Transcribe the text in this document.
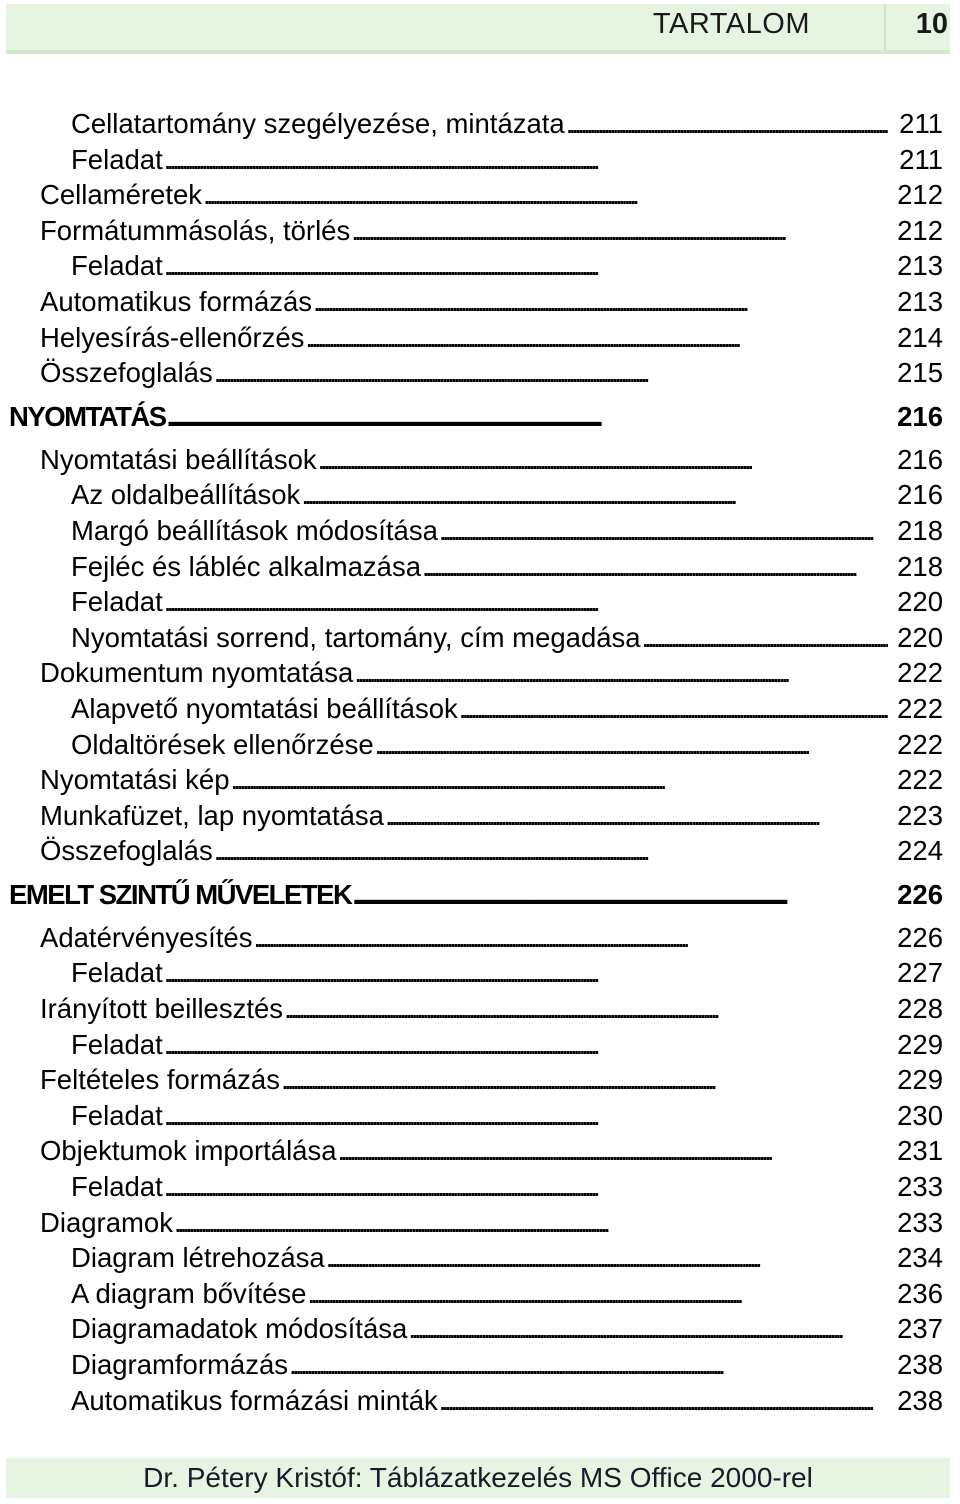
TARTALOM	10
Cellatartomány szegélyezése, mintázata . . .	211
Feladat . . .	211
Cellaméretek . . .	212
Formátummásolás, törlés . . .	212
Feladat . . .	213
Automatikus formázás . . .	213
Helyesírás-ellenőrzés . . .	214
Összefoglalás . . .	215
NYOMTATÁS . . .	216
Nyomtatási beállítások . . .	216
Az oldalbeállítások . . .	216
Margó beállítások módosítása . . .	218
Fejléc és lábléc alkalmazása . . .	218
Feladat . . .	220
Nyomtatási sorrend, tartomány, cím megadása . . .	220
Dokumentum nyomtatása . . .	222
Alapvető nyomtatási beállítások . . .	222
Oldaltörések ellenőrzése . . .	222
Nyomtatási kép . . .	222
Munkafüzet, lap nyomtatása . . .	223
Összefoglalás . . .	224
EMELT SZINTŰ MŰVELETEK . . .	226
Adatérvényesítés . . .	226
Feladat . . .	227
Irányított beillesztés . . .	228
Feladat . . .	229
Feltételes formázás . . .	229
Feladat . . .	230
Objektumok importálása . . .	231
Feladat . . .	233
Diagramok . . .	233
Diagram létrehozása . . .	234
A diagram bővítése . . .	236
Diagramadatok módosítása . . .	237
Diagramformázás . . .	238
Automatikus formázási minták . . .	238
Dr. Pétery Kristóf: Táblázatkezelés MS Office 2000-rel
